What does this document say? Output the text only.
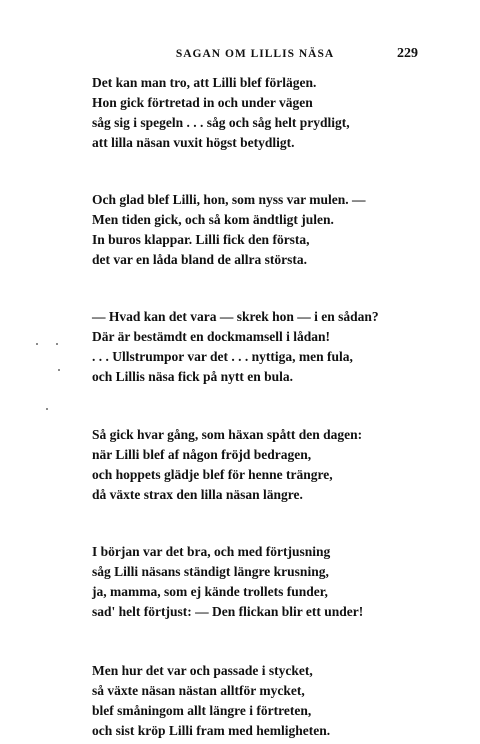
SAGAN OM LILLIS NÄSA	229
Det kan man tro, att Lilli blef förlägen.
Hon gick förtretad in och under vägen
såg sig i spegeln . . . såg och såg helt prydligt,
att lilla näsan vuxit högst betydligt.
Och glad blef Lilli, hon, som nyss var mulen. —
Men tiden gick, och så kom ändtligt julen.
In buros klappar. Lilli fick den första,
det var en låda bland de allra största.
— Hvad kan det vara — skrek hon — i en sådan?
Där är bestämdt en dockmamsell i lådan!
. . . Ullstrumpor var det . . . nyttiga, men fula,
och Lillis näsa fick på nytt en bula.
Så gick hvar gång, som häxan spått den dagen:
när Lilli blef af någon fröjd bedragen,
och hoppets glädje blef för henne trängre,
då växte strax den lilla näsan längre.
I början var det bra, och med förtjusning
såg Lilli näsans ständigt längre krusning,
ja, mamma, som ej kände trollets funder,
sad' helt förtjust: — Den flickan blir ett under!
Men hur det var och passade i stycket,
så växte näsan nästan alltför mycket,
blef småningom allt längre i förtreten,
och sist kröp Lilli fram med hemligheten.
